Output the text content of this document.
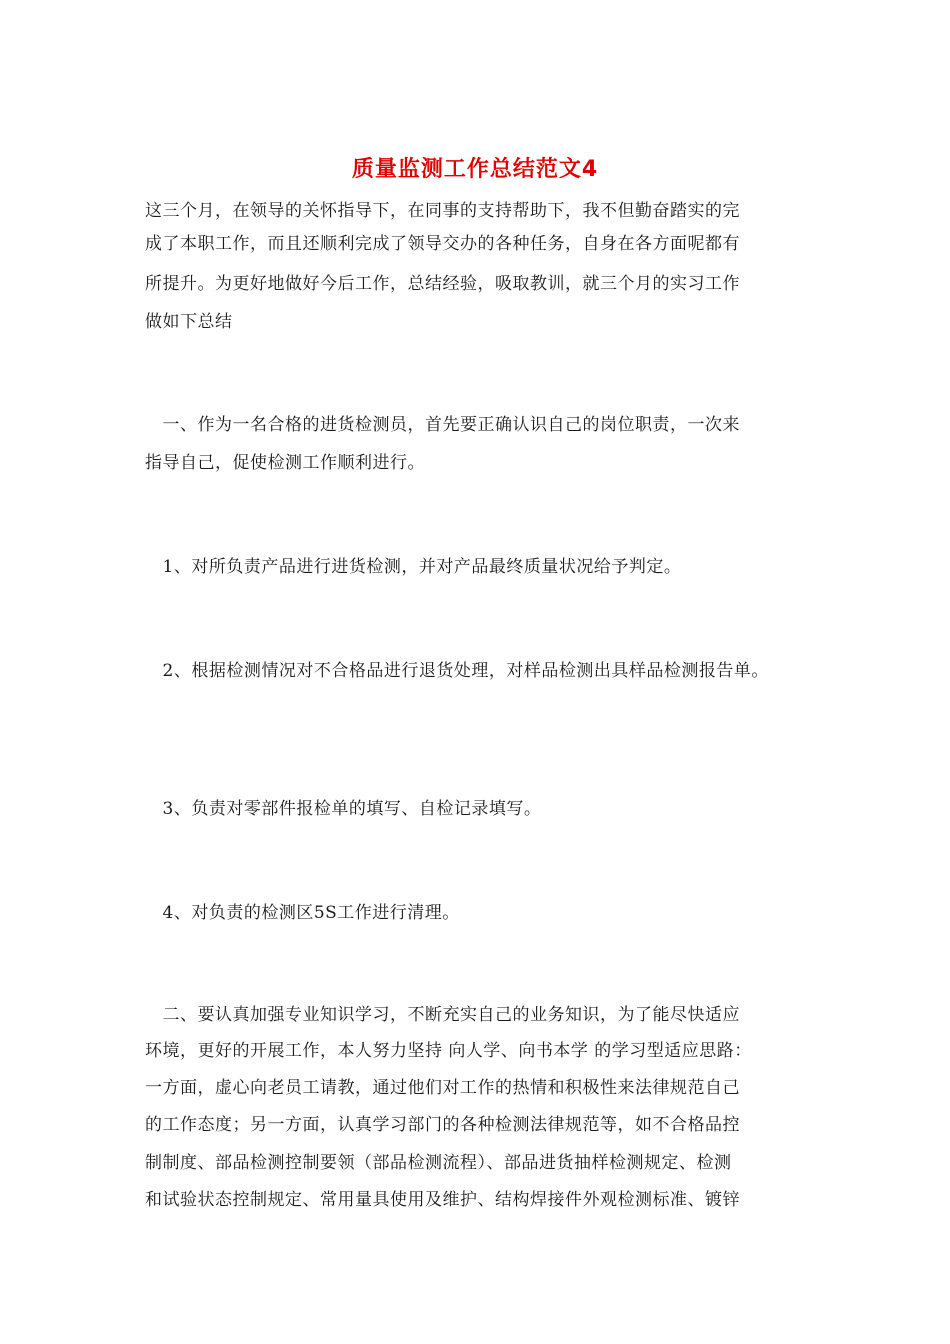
质量监测工作总结范文4
这三个月，在领导的关怀指导下，在同事的支持帮助下，我不但勤奋踏实的完
成了本职工作，而且还顺利完成了领导交办的各种任务，自身在各方面呢都有
所提升。为更好地做好今后工作，总结经验，吸取教训，就三个月的实习工作
做如下总结
　一、作为一名合格的进货检测员，首先要正确认识自己的岗位职责，一次来
指导自己，促使检测工作顺利进行。
　1、对所负责产品进行进货检测，并对产品最终质量状况给予判定。
　2、根据检测情况对不合格品进行退货处理，对样品检测出具样品检测报告单。
　3、负责对零部件报检单的填写、自检记录填写。
　4、对负责的检测区5S工作进行清理。
　二、要认真加强专业知识学习，不断充实自己的业务知识，为了能尽快适应
环境，更好的开展工作，本人努力坚持 向人学、向书本学 的学习型适应思路：
一方面，虚心向老员工请教，通过他们对工作的热情和积极性来法律规范自己
的工作态度；另一方面，认真学习部门的各种检测法律规范等，如不合格品控
制制度、部品检测控制要领（部品检测流程）、部品进货抽样检测规定、检测
和试验状态控制规定、常用量具使用及维护、结构焊接件外观检测标准、镀锌
